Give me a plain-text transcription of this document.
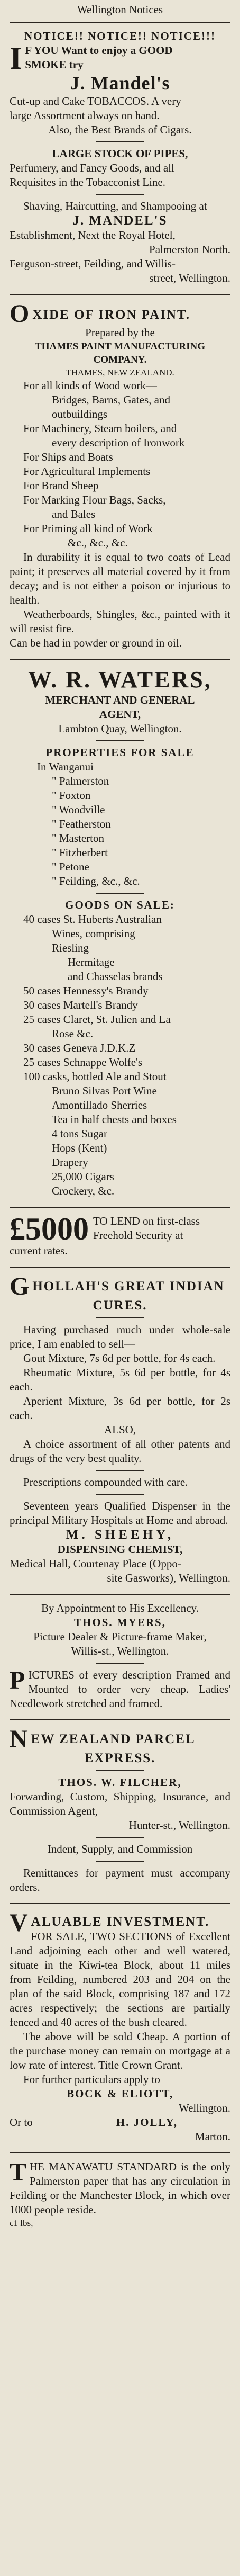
Wellington Notices
NOTICE!! NOTICE!! NOTICE!!!
I F YOU Want to enjoy a GOOD
SMOKE try
J. Mandel's
Cut-up and Cake TOBACCOS. A very
large Assortment always on hand.
Also, the Best Brands of Cigars.
LARGE STOCK OF PIPES,
Perfumery, and Fancy Goods, and all
Requisites in the Tobacconist Line.
Shaving, Haircutting, and Shampooing at
J. MANDEL'S
Establishment, Next the Royal Hotel,
Palmerston North.
Ferguson-street, Feilding, and Willis-
street, Wellington.
O XIDE OF IRON PAINT.
Prepared by the
THAMES PAINT MANUFACTURING
COMPANY.
THAMES, NEW ZEALAND.
For all kinds of Wood work—
Bridges, Barns, Gates, and
outbuildings
For Machinery, Steam boilers, and
every description of Ironwork
For Ships and Boats
For Agricultural Implements
For Brand Sheep
For Marking Flour Bags, Sacks,
and Bales
For Priming all kind of Work
&c., &c., &c.

In durability it is equal to two coats of Lead paint; it preserves all material covered by it from decay; and is not either a poison or injurious to health.

Weatherboards, Shingles, &c., painted with it will resist fire.

Can be had in powder or ground in oil.

W. R. WATERS,
MERCHANT AND GENERAL
AGENT,
Lambton Quay, Wellington.
PROPERTIES FOR SALE
In Wanganui
" Palmerston
" Foxton
" Woodville
" Featherston
" Masterton
" Fitzherbert
" Petone
" Feilding, &c., &c.
GOODS ON SALE:
40 cases St. Huberts Australian
Wines, comprising
Riesling
Hermitage
and Chasselas brands
50 cases Hennessy's Brandy
30 cases Martell's Brandy
25 cases Claret, St. Julien and La
Rose &c.
30 cases Geneva J.D.K.Z
25 cases Schnappe Wolfe's
100 casks, bottled Ale and Stout
Bruno Silvas Port Wine
Amontillado Sherries
Tea in half chests and boxes
4 tons Sugar
Hops (Kent)
Drapery
25,000 Cigars
Crockery, &c.
£5000 TO LEND on first-class
Freehold Security at
current rates.
G HOLLAH'S GREAT INDIAN
CURES.

Having purchased much under whole-sale price, I am enabled to sell—

Gout Mixture, 7s 6d per bottle, for 4s each.

Rheumatic Mixture, 5s 6d per bottle, for 4s each.

Aperient Mixture, 3s 6d per bottle, for 2s each.

ALSO,

A choice assortment of all other patents and drugs of the very best quality.

Prescriptions compounded with care.

Seventeen years Qualified Dispenser in the principal Military Hospitals at Home and abroad.

M. SHEEHY,
DISPENSING CHEMIST,
Medical Hall, Courtenay Place (Oppo-
site Gasworks), Wellington.
By Appointment to His Excellency.
THOS. MYERS,
Picture Dealer & Picture-frame Maker,
Willis-st., Wellington.
P ICTURES of every description Framed and Mounted to order very cheap. Ladies' Needlework stretched and framed.

N EW ZEALAND PARCEL
EXPRESS.
THOS. W. FILCHER,

Forwarding, Custom, Shipping, Insurance, and Commission Agent,

Hunter-st., Wellington.
Indent, Supply, and Commission

Remittances for payment must accompany orders.

V ALUABLE INVESTMENT.

FOR SALE, TWO SECTIONS of Excellent Land adjoining each other and well watered, situate in the Kiwi-tea Block, about 11 miles from Feilding, numbered 203 and 204 on the plan of the said Block, comprising 187 and 172 acres respectively; the sections are partially fenced and 40 acres of the bush cleared.

The above will be sold Cheap. A portion of the purchase money can remain on mortgage at a low rate of interest. Title Crown Grant.

For further particulars apply to

BOCK & ELIOTT,
Wellington.
Or to	H. JOLLY,
Marton.
T HE MANAWATU STANDARD is the only Palmerston paper that has any circulation in Feilding or the Manchester Block, in which over 1000 people reside.

c1 lbs,
